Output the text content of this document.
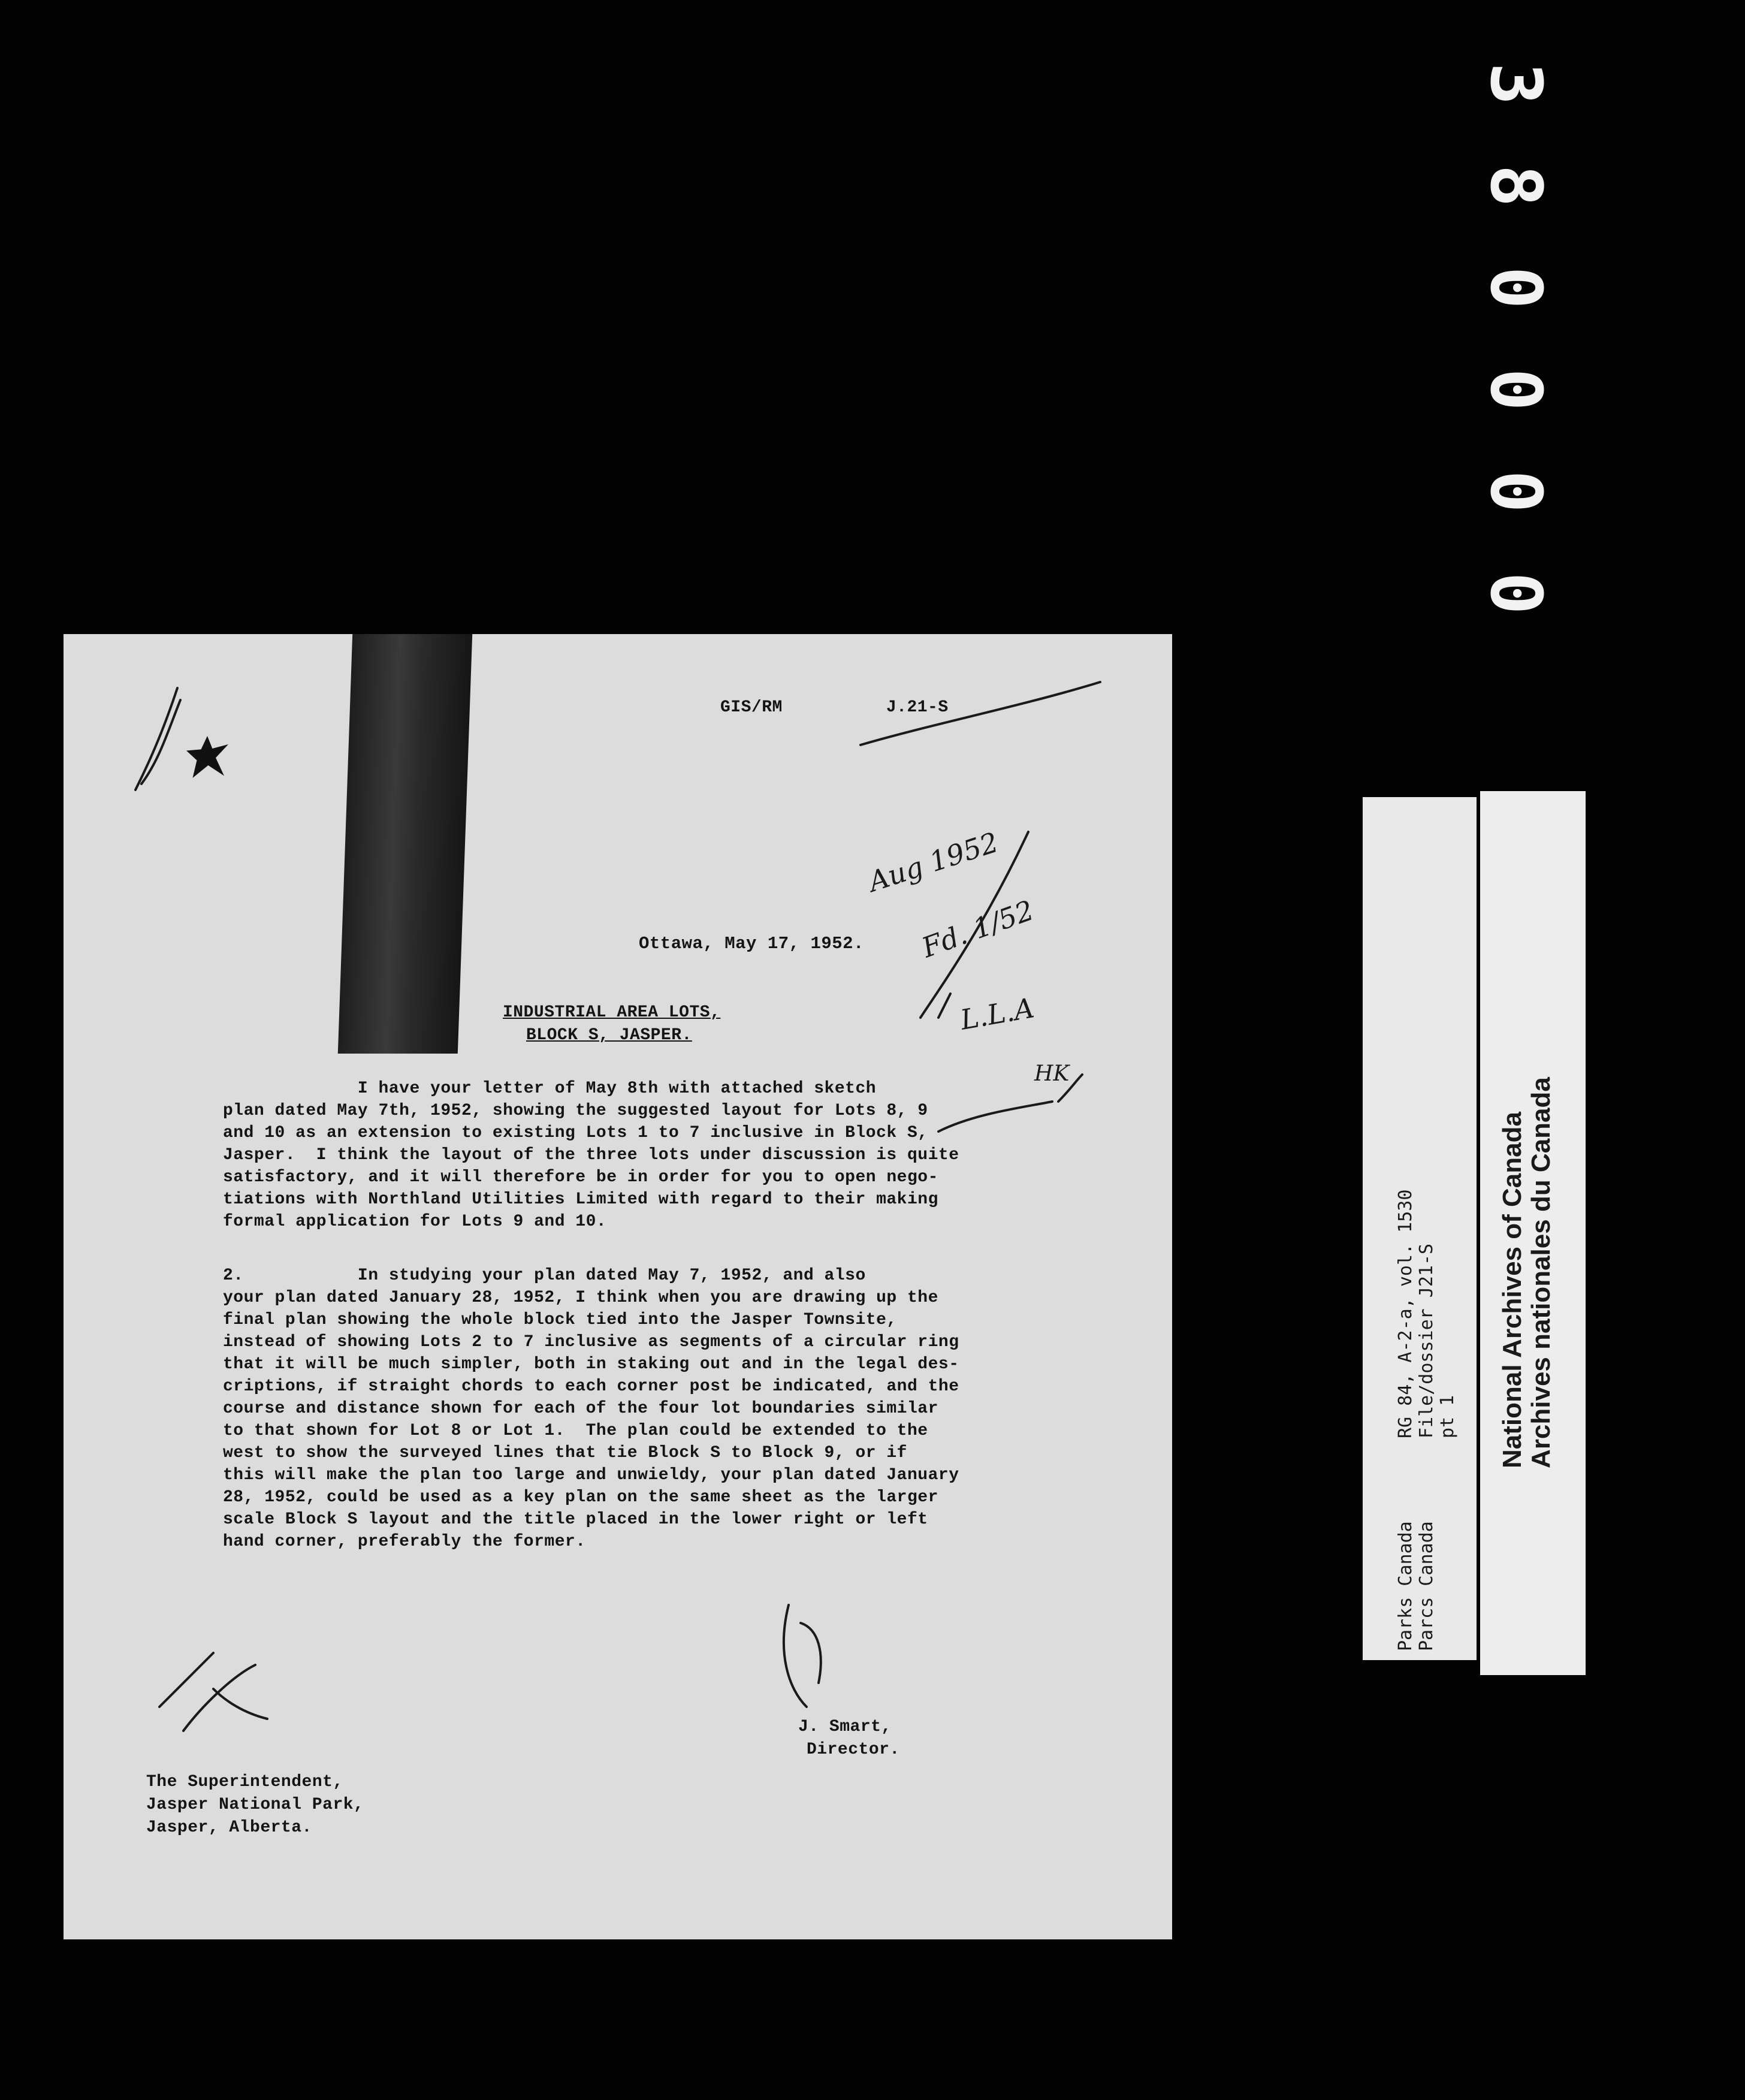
0
0
0
0
8
3
GIS/RM          J.21-S
Ottawa, May 17, 1952.
INDUSTRIAL AREA LOTS,
BLOCK S, JASPER.
I have your letter of May 8th with attached sketch
plan dated May 7th, 1952, showing the suggested layout for Lots 8, 9
and 10 as an extension to existing Lots 1 to 7 inclusive in Block S,
Jasper.  I think the layout of the three lots under discussion is quite
satisfactory, and it will therefore be in order for you to open nego-
tiations with Northland Utilities Limited with regard to their making
formal application for Lots 9 and 10.
2.           In studying your plan dated May 7, 1952, and also
your plan dated January 28, 1952, I think when you are drawing up the
final plan showing the whole block tied into the Jasper Townsite,
instead of showing Lots 2 to 7 inclusive as segments of a circular ring
that it will be much simpler, both in staking out and in the legal des-
criptions, if straight chords to each corner post be indicated, and the
course and distance shown for each of the four lot boundaries similar
to that shown for Lot 8 or Lot 1.  The plan could be extended to the
west to show the surveyed lines that tie Block S to Block 9, or if
this will make the plan too large and unwieldy, your plan dated January
28, 1952, could be used as a key plan on the same sheet as the larger
scale Block S layout and the title placed in the lower right or left
hand corner, preferably the former.
J. Smart,
Director.
The Superintendent,
Jasper National Park,
Jasper, Alberta.
Aug 1952
Fd. 1/52
L.L.A
HK
RG 84, A-2-a, vol. 1530 File/dossier J21-S pt 1
Parks Canada Parcs Canada
National Archives of Canada Archives nationales du Canada
